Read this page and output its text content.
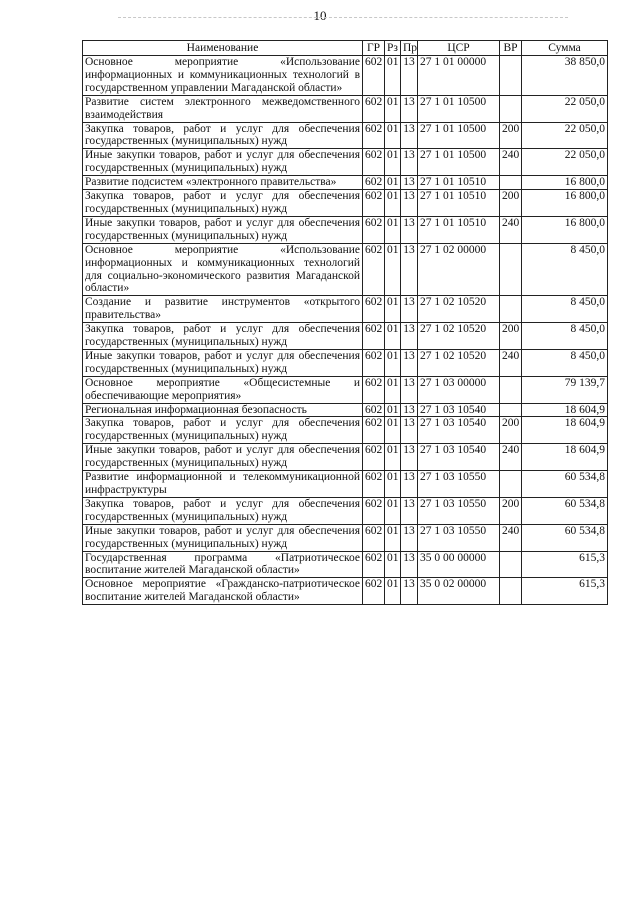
10
Наименование	ГР	Рз	Пр	ЦСР	ВР	Сумма
Основное мероприятие «Использование информационных и коммуникационных технологий в государственном управлении Магаданской области»	602	01	13	27 1 01 00000		38 850,0
Развитие систем электронного межведомственного взаимодействия	602	01	13	27 1 01 10500		22 050,0
Закупка товаров, работ и услуг для обеспечения государственных (муниципальных) нужд	602	01	13	27 1 01 10500	200	22 050,0
Иные закупки товаров, работ и услуг для обеспечения государственных (муниципальных) нужд	602	01	13	27 1 01 10500	240	22 050,0
Развитие подсистем «электронного правительства»	602	01	13	27 1 01 10510		16 800,0
Закупка товаров, работ и услуг для обеспечения государственных (муниципальных) нужд	602	01	13	27 1 01 10510	200	16 800,0
Иные закупки товаров, работ и услуг для обеспечения государственных (муниципальных) нужд	602	01	13	27 1 01 10510	240	16 800,0
Основное мероприятие «Использование информационных и коммуникационных технологий для социально-экономического развития Магаданской области»	602	01	13	27 1 02 00000		8 450,0
Создание и развитие инструментов «открытого правительства»	602	01	13	27 1 02 10520		8 450,0
Закупка товаров, работ и услуг для обеспечения государственных (муниципальных) нужд	602	01	13	27 1 02 10520	200	8 450,0
Иные закупки товаров, работ и услуг для обеспечения государственных (муниципальных) нужд	602	01	13	27 1 02 10520	240	8 450,0
Основное мероприятие «Общесистемные и обеспечивающие мероприятия»	602	01	13	27 1 03 00000		79 139,7
Региональная информационная безопасность	602	01	13	27 1 03 10540		18 604,9
Закупка товаров, работ и услуг для обеспечения государственных (муниципальных) нужд	602	01	13	27 1 03 10540	200	18 604,9
Иные закупки товаров, работ и услуг для обеспечения государственных (муниципальных) нужд	602	01	13	27 1 03 10540	240	18 604,9
Развитие информационной и телекоммуникационной инфраструктуры	602	01	13	27 1 03 10550		60 534,8
Закупка товаров, работ и услуг для обеспечения государственных (муниципальных) нужд	602	01	13	27 1 03 10550	200	60 534,8
Иные закупки товаров, работ и услуг для обеспечения государственных (муниципальных) нужд	602	01	13	27 1 03 10550	240	60 534,8
Государственная программа «Патриотическое воспитание жителей Магаданской области»	602	01	13	35 0 00 00000		615,3
Основное мероприятие «Гражданско-патриотическое воспитание жителей Магаданской области»	602	01	13	35 0 02 00000		615,3
